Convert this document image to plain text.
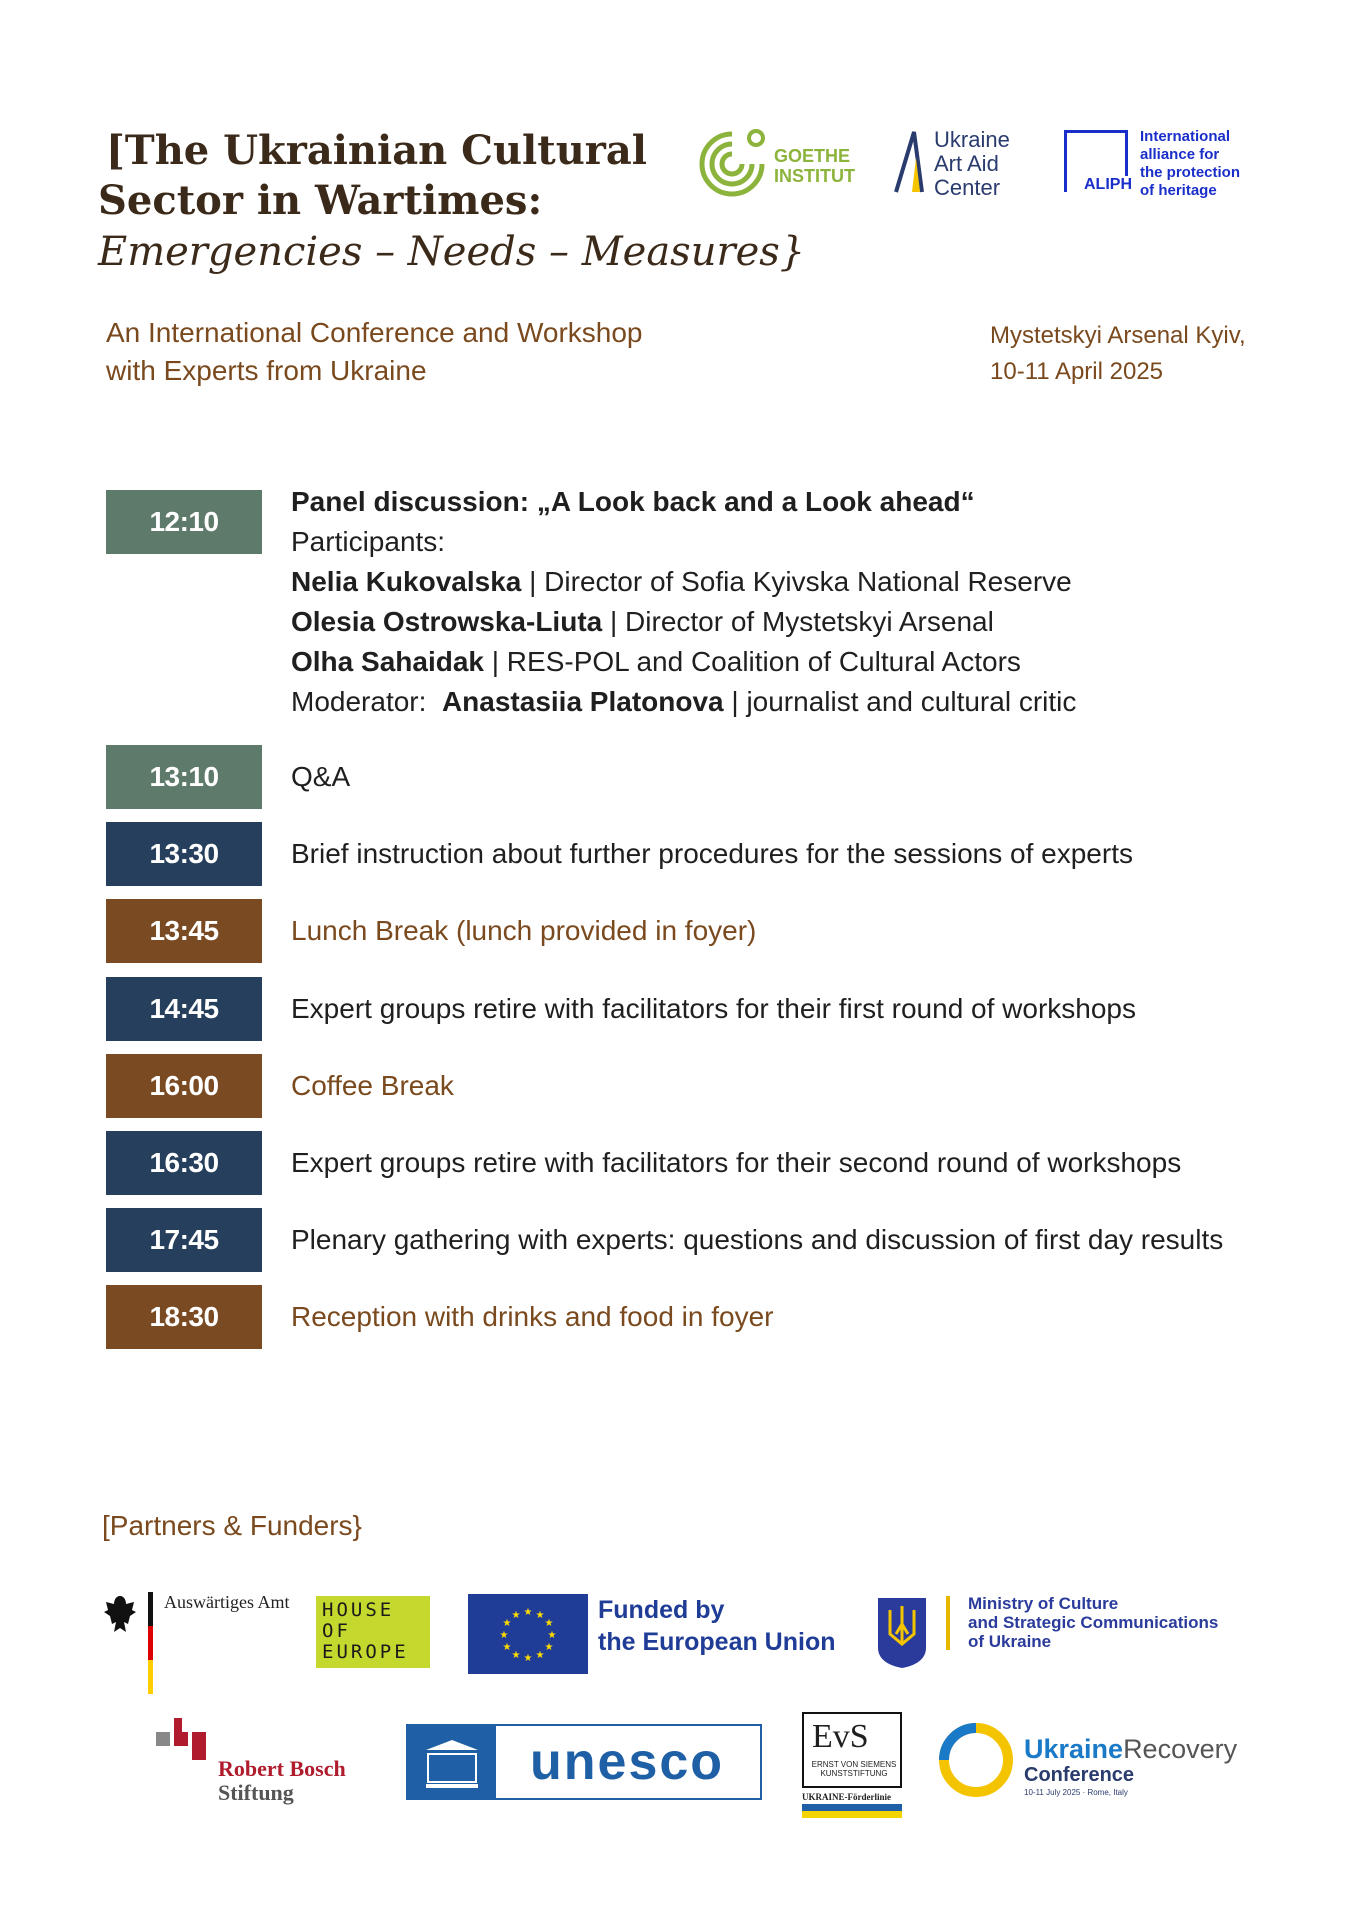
[The Ukrainian Cultural
Sector in Wartimes:
Emergencies – Needs – Measures}
An International Conference and Workshop
with Experts from Ukraine
Mystetskyi Arsenal Kyiv,
10-11 April 2025
GOETHE
INSTITUT
Ukraine
Art Aid
Center	ALIPH
International
alliance for
the protection
of heritage
12:10
Panel discussion: „A Look back and a Look ahead“
Participants:
Nelia Kukovalska | Director of Sofia Kyivska National Reserve
Olesia Ostrowska-Liuta | Director of Mystetskyi Arsenal
Olha Sahaidak | RES-POL and Coalition of Cultural Actors
Moderator:  Anastasiia Platonova | journalist and cultural critic
13:10	Q&A
13:30	Brief instruction about further procedures for the sessions of experts
13:45	Lunch Break (lunch provided in foyer)
14:45	Expert groups retire with facilitators for their first round of workshops
16:00	Coffee Break
16:30	Expert groups retire with facilitators for their second round of workshops
17:45	Plenary gathering with experts: questions and discussion of first day results
18:30	Reception with drinks and food in foyer
[Partners & Funders}
Auswärtiges Amt HOUSE
OF
EUROPE
★ ★
★
★
★
★
★
★
★
★
★
★	Funded by
the European Union
Ministry of Culture
and Strategic Communications
of Ukraine
Robert Bosch
Stiftung
unesco	EvS
ERNST VON SIEMENS KUNSTSTIFTUNG
UKRAINE-Förderlinie
UkraineRecovery
Conference
10-11 July 2025 · Rome, Italy
